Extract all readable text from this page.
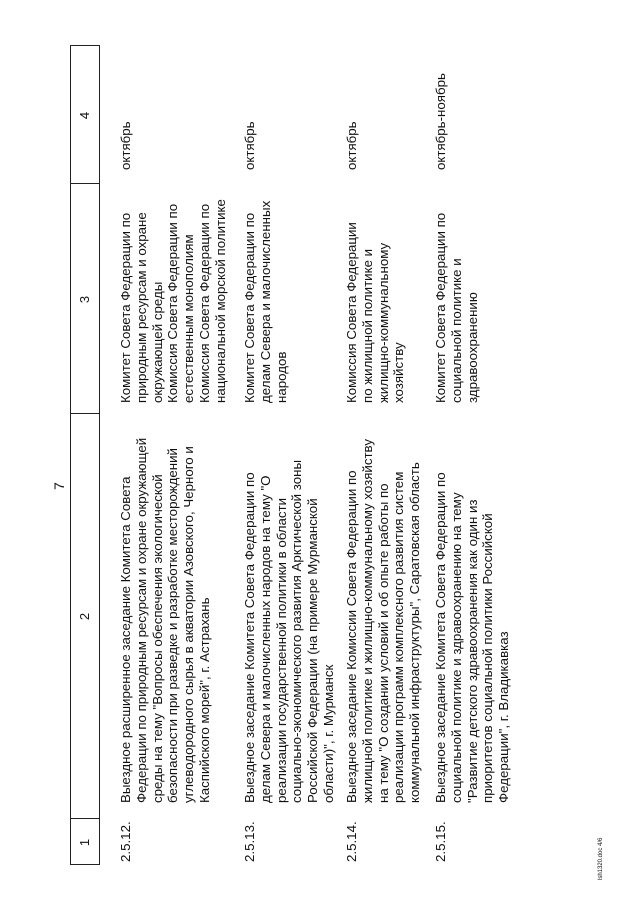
4
3
2
1
7
2.5.12.
Выездное расширенное заседание Комитета Совета Федерации по природным ресурсам и охране окружающей среды на тему "Вопросы обеспечения экологической безопасности при разведке и разработке месторождений углеводородного сырья в акватории Азовского, Черного и Каспийского морей", г. Астрахань
Комитет Совета Федерации по природным ресурсам и охране окружающей среды Комиссия Совета Федерации по естественным монополиям Комиссия Совета Федерации по национальной морской политике
октябрь
2.5.13.
Выездное заседание Комитета Совета Федерации по делам Севера и малочисленных народов на тему "О реализации государственной политики в области социально-экономического развития Арктической зоны Российской Федерации (на примере Мурманской области)", г. Мурманск
Комитет Совета Федерации по делам Севера и малочисленных народов
октябрь
2.5.14.
Выездное заседание Комиссии Совета Федерации по жилищной политике и жилищно-коммунальному хозяйству на тему "О создании условий и об опыте работы по реализации программ комплексного развития систем коммунальной инфраструктуры", Саратовская область
Комиссия Совета Федерации по жилищной политике и жилищно-коммунальному хозяйству
октябрь
2.5.15.
Выездное заседание Комитета Совета Федерации по социальной политике и здравоохранению на тему "Развитие детского здравоохранения как один из приоритетов социальной политики Российской Федерации", г. Владикавказ
Комитет Совета Федерации по социальной политике и здравоохранению
октябрь-ноябрь
lsh1320.doc 4/6
